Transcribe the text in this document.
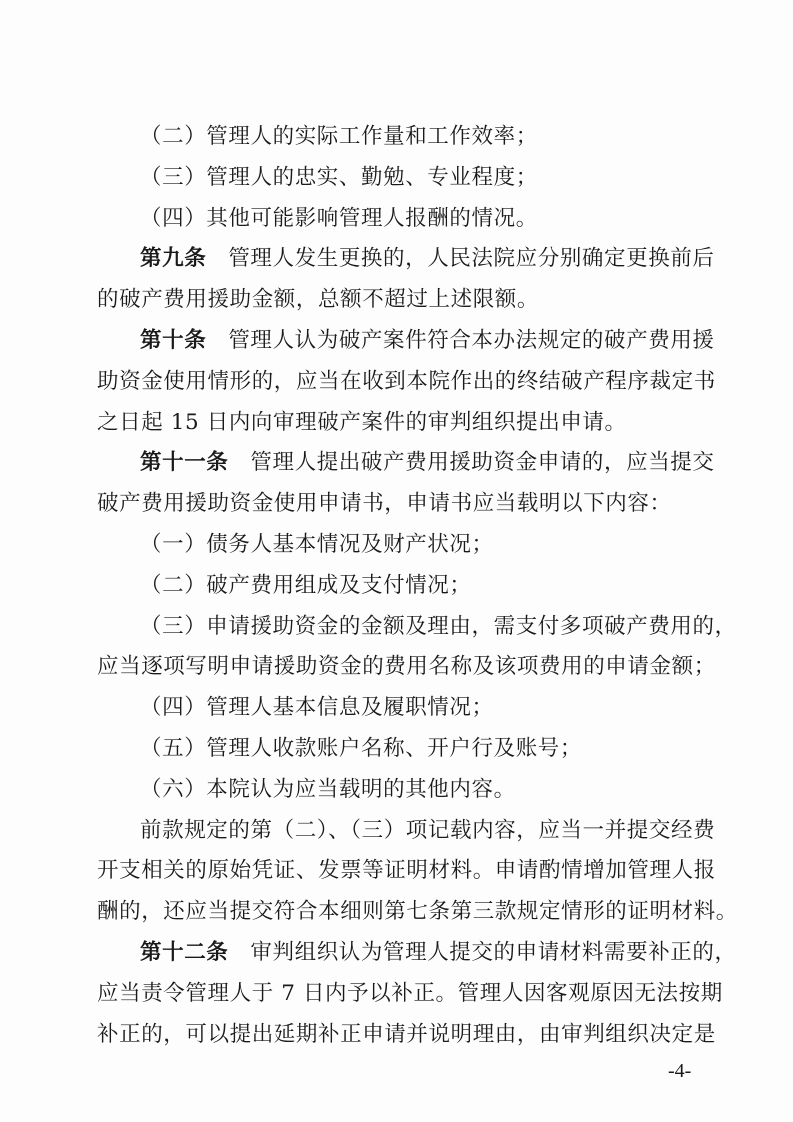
（二）管理人的实际工作量和工作效率；
（三）管理人的忠实、勤勉、专业程度；
（四）其他可能影响管理人报酬的情况。
第九条 管理人发生更换的，人民法院应分别确定更换前后
的破产费用援助金额，总额不超过上述限额。
第十条 管理人认为破产案件符合本办法规定的破产费用援
助资金使用情形的，应当在收到本院作出的终结破产程序裁定书
之日起 15 日内向审理破产案件的审判组织提出申请。
第十一条 管理人提出破产费用援助资金申请的，应当提交
破产费用援助资金使用申请书，申请书应当载明以下内容：
（一）债务人基本情况及财产状况；
（二）破产费用组成及支付情况；
（三）申请援助资金的金额及理由，需支付多项破产费用的，
应当逐项写明申请援助资金的费用名称及该项费用的申请金额；
（四）管理人基本信息及履职情况；
（五）管理人收款账户名称、开户行及账号；
（六）本院认为应当载明的其他内容。
前款规定的第（二）、（三）项记载内容，应当一并提交经费
开支相关的原始凭证、发票等证明材料。申请酌情增加管理人报
酬的，还应当提交符合本细则第七条第三款规定情形的证明材料。
第十二条 审判组织认为管理人提交的申请材料需要补正的，
应当责令管理人于 7 日内予以补正。管理人因客观原因无法按期
补正的，可以提出延期补正申请并说明理由，由审判组织决定是
-4-
